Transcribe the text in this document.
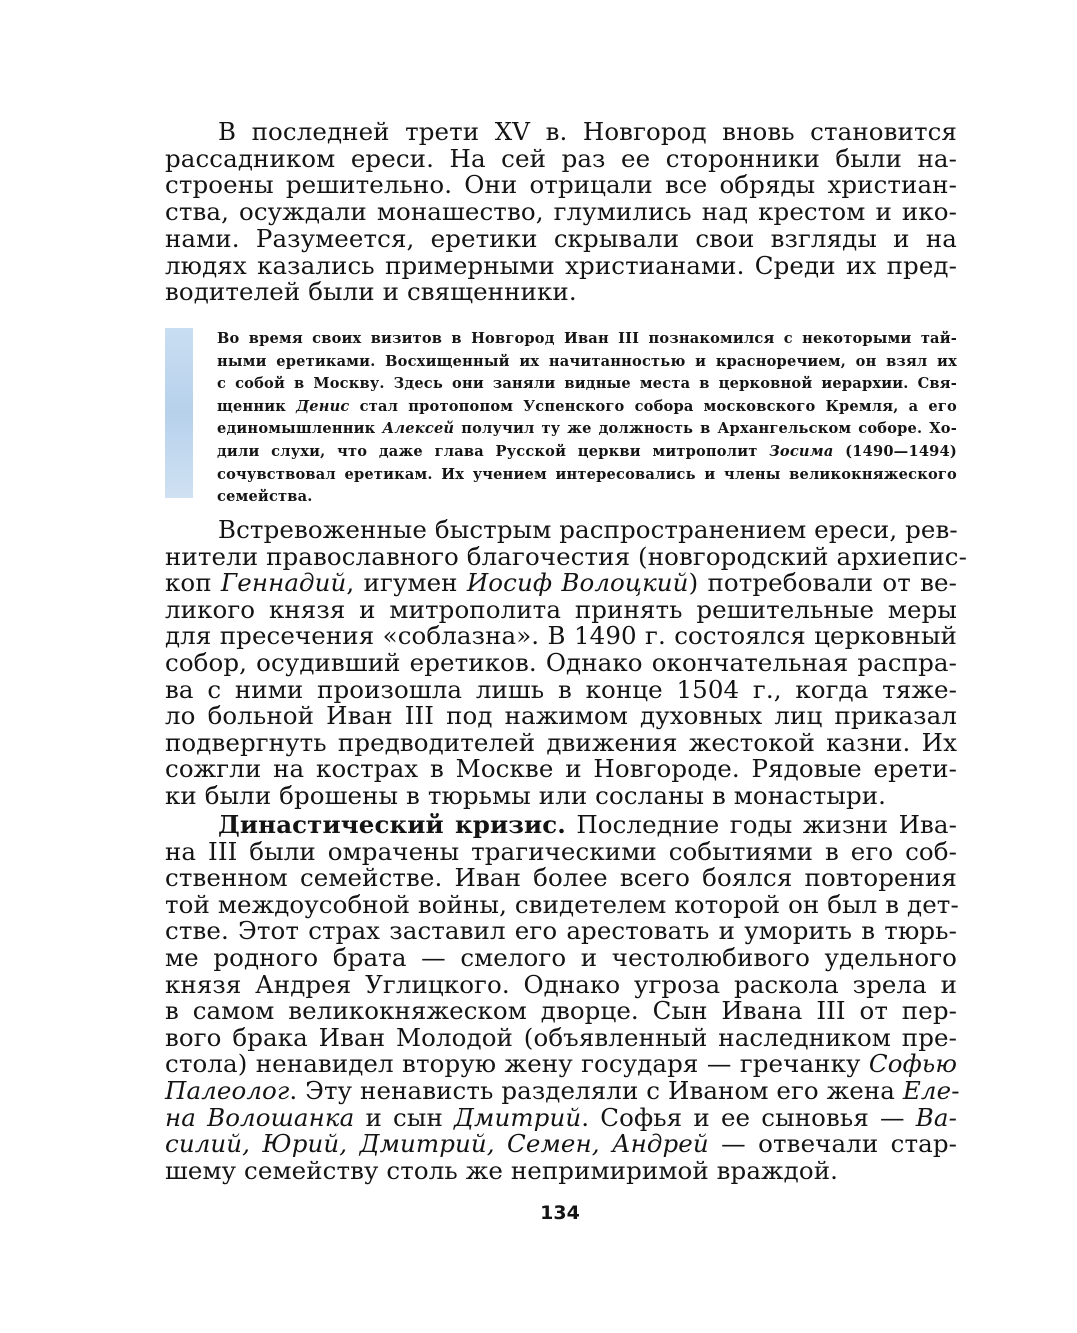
В последней трети XV в. Новгород вновь становится
рассадником ереси. На сей раз ее сторонники были на-
строены решительно. Они отрицали все обряды христиан-
ства, осуждали монашество, глумились над крестом и ико-
нами. Разумеется, еретики скрывали свои взгляды и на
людях казались примерными христианами. Среди их пред-
водителей были и священники.
Во время своих визитов в Новгород Иван III познакомился с некоторыми тай-
ными еретиками. Восхищенный их начитанностью и красноречием, он взял их
с собой в Москву. Здесь они заняли видные места в церковной иерархии. Свя-
щенник Денис стал протопопом Успенского собора московского Кремля, а его
единомышленник Алексей получил ту же должность в Архангельском соборе. Хо-
дили слухи, что даже глава Русской церкви митрополит Зосима (1490—1494)
сочувствовал еретикам. Их учением интересовались и члены великокняжеского
семейства.
Встревоженные быстрым распространением ереси, рев-
нители православного благочестия (новгородский архиепис-
коп Геннадий, игумен Иосиф Волоцкий) потребовали от ве-
ликого князя и митрополита принять решительные меры
для пресечения «соблазна». В 1490 г. состоялся церковный
собор, осудивший еретиков. Однако окончательная распра-
ва с ними произошла лишь в конце 1504 г., когда тяже-
ло больной Иван III под нажимом духовных лиц приказал
подвергнуть предводителей движения жестокой казни. Их
сожгли на кострах в Москве и Новгороде. Рядовые ерети-
ки были брошены в тюрьмы или сосланы в монастыри.
Династический кризис. Последние годы жизни Ива-
на III были омрачены трагическими событиями в его соб-
ственном семействе. Иван более всего боялся повторения
той междоусобной войны, свидетелем которой он был в дет-
стве. Этот страх заставил его арестовать и уморить в тюрь-
ме родного брата — смелого и честолюбивого удельного
князя Андрея Углицкого. Однако угроза раскола зрела и
в самом великокняжеском дворце. Сын Ивана III от пер-
вого брака Иван Молодой (объявленный наследником пре-
стола) ненавидел вторую жену государя — гречанку Софью
Палеолог. Эту ненависть разделяли с Иваном его жена Еле-
на Волошанка и сын Дмитрий. Софья и ее сыновья — Ва-
силий, Юрий, Дмитрий, Семен, Андрей — отвечали стар-
шему семейству столь же непримиримой враждой.
134
